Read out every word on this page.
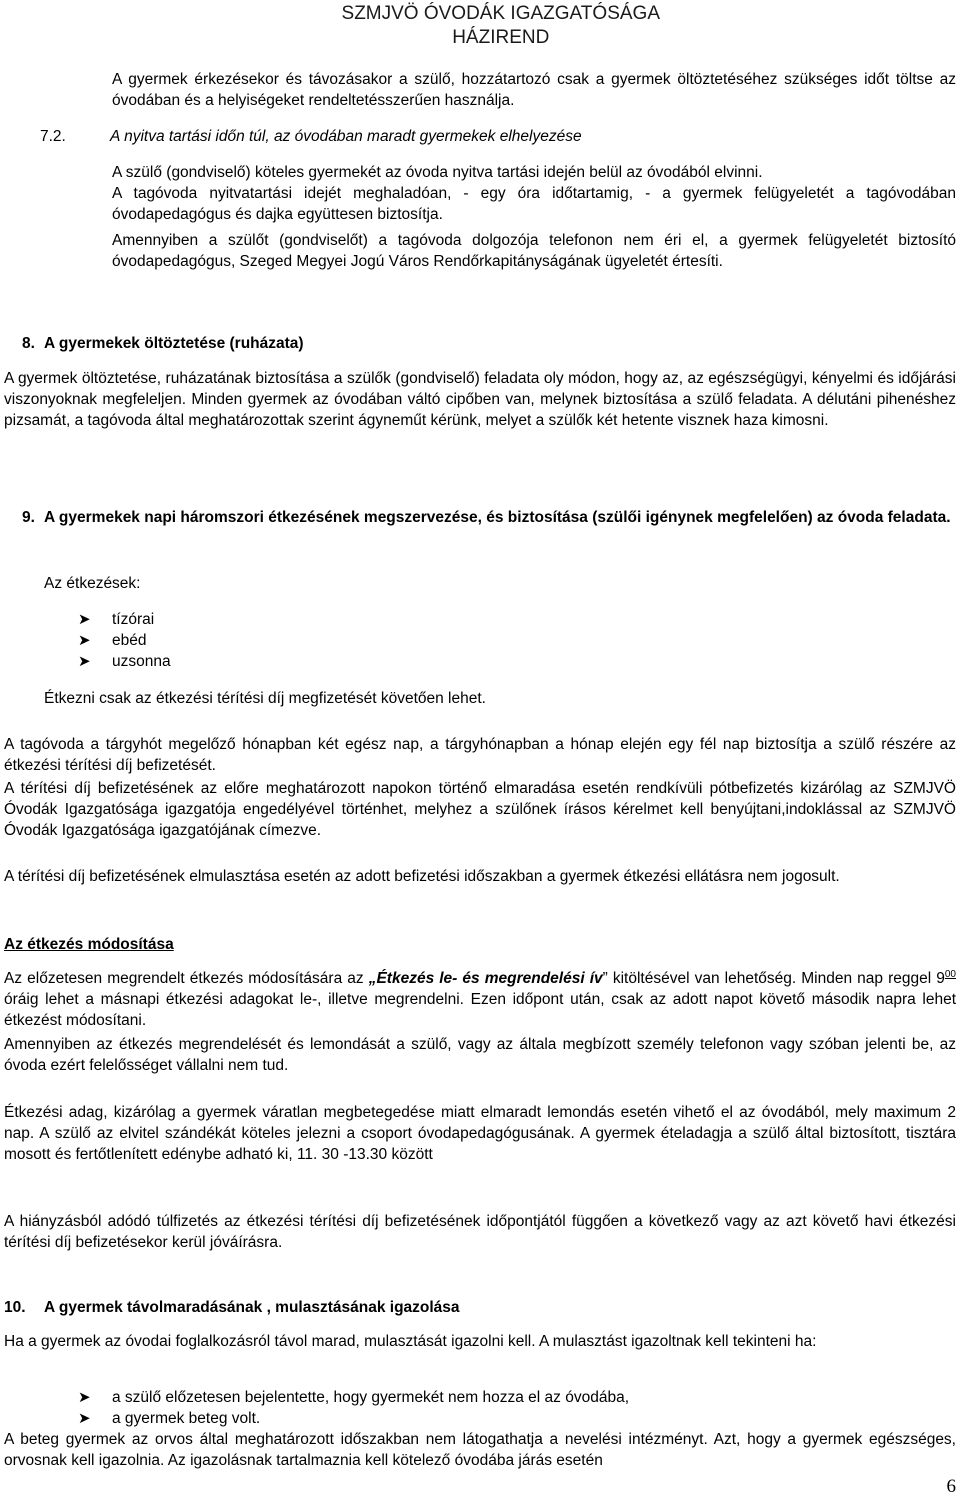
SZMJVÖ ÓVODÁK IGAZGATÓSÁGA
HÁZIREND

A gyermek érkezésekor és távozásakor a szülő, hozzátartozó csak a gyermek öltöztetéséhez szükséges időt töltse az óvodában és a helyiségeket rendeltetésszerűen használja.

7.2.	A nyitva tartási időn túl, az óvodában maradt gyermekek elhelyezése

A szülő (gondviselő) köteles gyermekét az óvoda nyitva tartási idején belül az óvodából elvinni.

A tagóvoda nyitvatartási idejét meghaladóan, - egy óra időtartamig, - a gyermek felügyeletét a tagóvodában óvodapedagógus és dajka együttesen biztosítja.

Amennyiben a szülőt (gondviselőt) a tagóvoda dolgozója telefonon nem éri el, a gyermek felügyeletét biztosító óvodapedagógus, Szeged Megyei Jogú Város Rendőrkapitányságának ügyeletét értesíti.

8. A gyermekek öltöztetése (ruházata)

A gyermek öltöztetése, ruházatának biztosítása a szülők (gondviselő) feladata oly módon, hogy az, az egészségügyi, kényelmi és időjárási viszonyoknak megfeleljen. Minden gyermek az óvodában váltó cipőben van, melynek biztosítása a szülő feladata. A délutáni pihenéshez pizsamát, a tagóvoda által meghatározottak szerint ágyneműt kérünk, melyet a szülők két hetente visznek haza kimosni.

9. A gyermekek napi háromszori étkezésének megszervezése, és biztosítása (szülői igénynek megfelelően) az óvoda feladata.

Az étkezések:

➤ tízórai
➤ ebéd
➤ uzsonna

Étkezni csak az étkezési térítési díj megfizetését követően lehet.

A tagóvoda a tárgyhót megelőző hónapban két egész nap, a tárgyhónapban a hónap elején egy fél nap biztosítja a szülő részére az étkezési térítési díj befizetését.

A térítési díj befizetésének az előre meghatározott napokon történő elmaradása esetén rendkívüli pótbefizetés kizárólag az SZMJVÖ Óvodák Igazgatósága igazgatója engedélyével történhet, melyhez a szülőnek írásos kérelmet kell benyújtani,indoklással az SZMJVÖ Óvodák Igazgatósága igazgatójának címezve.

A térítési díj befizetésének elmulasztása esetén az adott befizetési időszakban a gyermek étkezési ellátásra nem jogosult.

Az étkezés módosítása

Az előzetesen megrendelt étkezés módosítására az „Étkezés le- és megrendelési ív” kitöltésével van lehetőség. Minden nap reggel $9^{00}$ óráig lehet a másnapi étkezési adagokat le-, illetve megrendelni. Ezen időpont után, csak az adott napot követő második napra lehet étkezést módosítani.

Amennyiben az étkezés megrendelését és lemondását a szülő, vagy az általa megbízott személy telefonon vagy szóban jelenti be, az óvoda ezért felelősséget vállalni nem tud.

Étkezési adag, kizárólag a gyermek váratlan megbetegedése miatt elmaradt lemondás esetén vihető el az óvodából, mely maximum 2 nap. A szülő az elvitel szándékát köteles jelezni a csoport óvodapedagógusának. A gyermek ételadagja a szülő által biztosított, tisztára mosott és fertőtlenített edénybe adható ki, 11. 30 -13.30 között

A hiányzásból adódó túlfizetés az étkezési térítési díj befizetésének időpontjától függően a következő vagy az azt követő havi étkezési térítési díj befizetésekor kerül jóváírásra.

10. A gyermek távolmaradásának , mulasztásának igazolása

Ha a gyermek az óvodai foglalkozásról távol marad, mulasztását igazolni kell. A mulasztást igazoltnak kell tekinteni ha:

➤ a szülő előzetesen bejelentette, hogy gyermekét nem hozza el az óvodába,
➤ a gyermek beteg volt.

A beteg gyermek az orvos által meghatározott időszakban nem látogathatja a nevelési intézményt. Azt, hogy a gyermek egészséges, orvosnak kell igazolnia. Az igazolásnak tartalmaznia kell kötelező óvodába járás esetén

6
